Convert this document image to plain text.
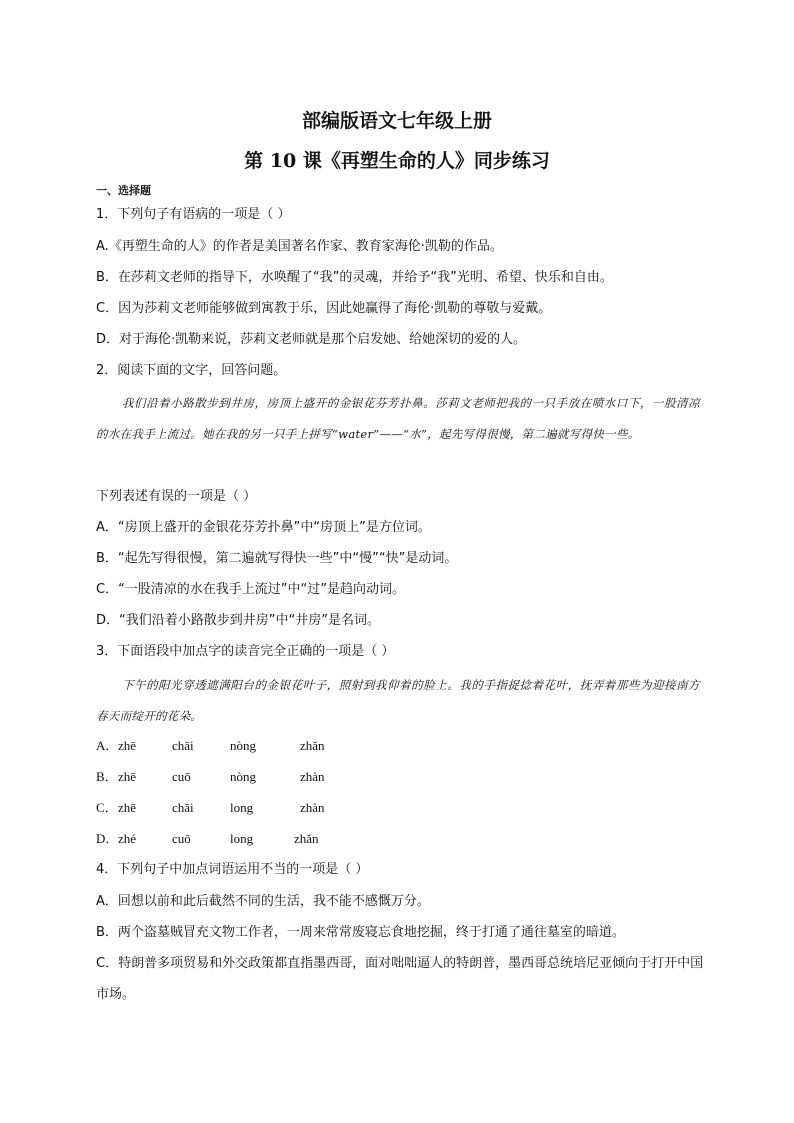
部编版语文七年级上册
第 10 课《再塑生命的人》同步练习
一、选择题
1．下列句子有语病的一项是（ ）
A.《再塑生命的人》的作者是美国著名作家、教育家海伦·凯勒的作品。
B．在莎莉文老师的指导下，水唤醒了“我”的灵魂，并给予“我”光明、希望、快乐和自由。
C．因为莎莉文老师能够做到寓教于乐，因此她赢得了海伦·凯勒的尊敬与爱戴。
D．对于海伦·凯勒来说，莎莉文老师就是那个启发她、给她深切的爱的人。
2．阅读下面的文字，回答问题。
我们沿着小路散步到井房，房顶上盛开的金银花芬芳扑鼻。莎莉文老师把我的一只手放在喷水口下，一股清凉的水在我手上流过。她在我的另一只手上拼写“water”——“水”，起先写得很慢，第二遍就写得快一些。
下列表述有误的一项是（ ）
A．“房顶上盛开的金银花芬芳扑鼻”中“房顶上”是方位词。
B．“起先写得很慢，第二遍就写得快一些”中“慢”“快”是动词。
C．“一股清凉的水在我手上流过”中“过”是趋向动词。
D．“我们沿着小路散步到井房”中“井房”是名词。
3．下面语段中加点字的读音完全正确的一项是（ ）
下午的阳光穿透遮满阳台的金银花叶子，照射到我仰着的脸上。我的手指捉捻着花叶，抚弄着那些为迎接南方春天而绽开的花朵。
A． zhē	chāi	nòng	zhǎn
B． zhē	cuō	nòng	zhàn
C． zhē	chāi	long	zhàn
D． zhé	cuō	long	zhǎn
4．下列句子中加点词语运用不当的一项是（ ）
A．回想以前和此后截然不同的生活，我不能不感慨万分。
B．两个盗墓贼冒充文物工作者，一周来常常废寝忘食地挖掘，终于打通了通往墓室的暗道。
C．特朗普多项贸易和外交政策都直指墨西哥，面对咄咄逼人的特朗普，墨西哥总统培尼亚倾向于打开中国市场。
